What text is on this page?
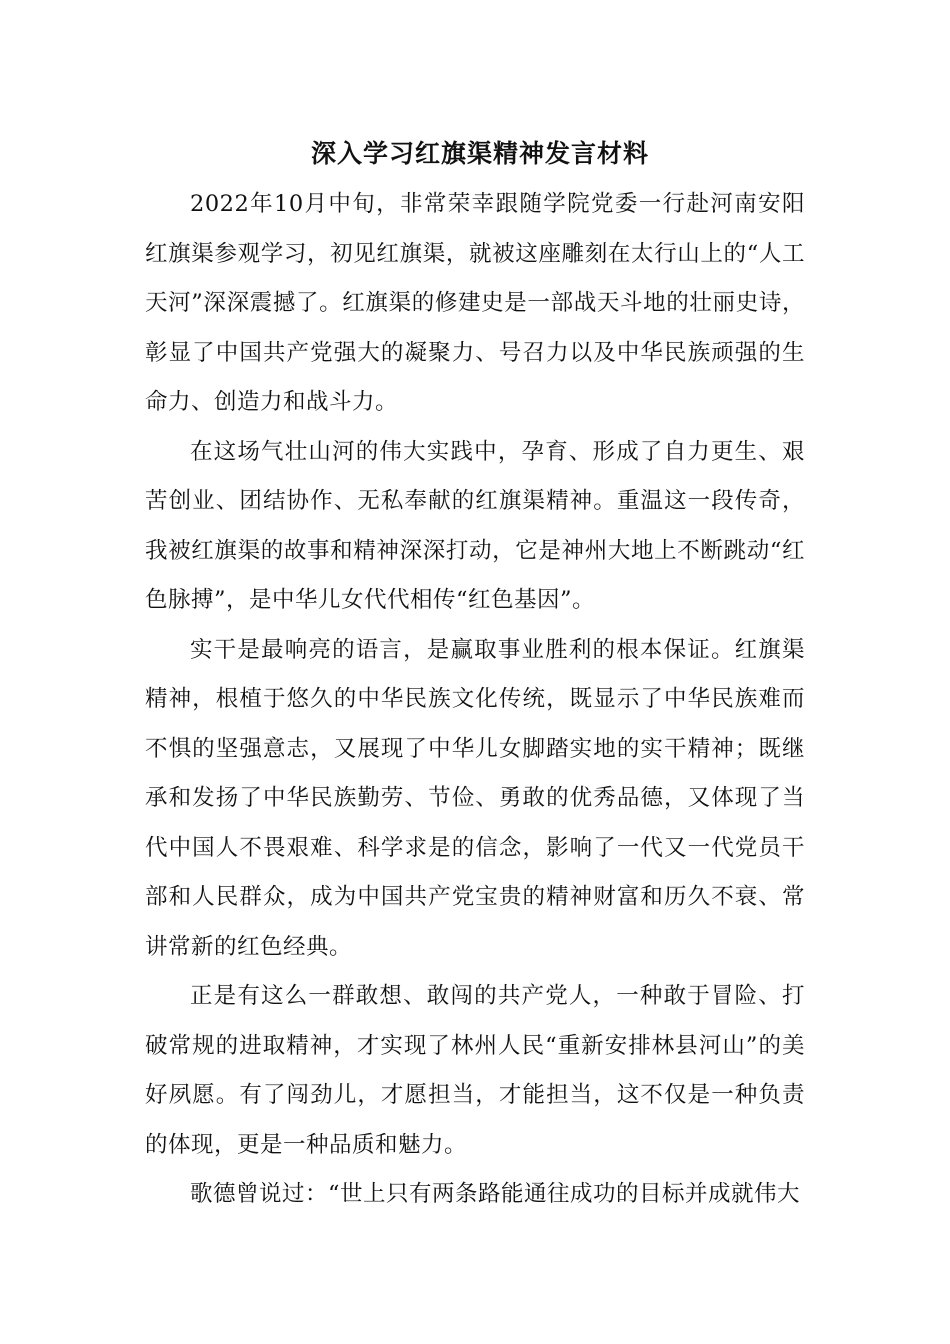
深入学习红旗渠精神发言材料

2022年10月中旬，非常荣幸跟随学院党委一行赴河南安阳红旗渠参观学习，初见红旗渠，就被这座雕刻在太行山上的“人工天河”深深震撼了。红旗渠的修建史是一部战天斗地的壮丽史诗，彰显了中国共产党强大的凝聚力、号召力以及中华民族顽强的生命力、创造力和战斗力。

在这场气壮山河的伟大实践中，孕育、形成了自力更生、艰苦创业、团结协作、无私奉献的红旗渠精神。重温这一段传奇，我被红旗渠的故事和精神深深打动，它是神州大地上不断跳动“红色脉搏”，是中华儿女代代相传“红色基因”。

实干是最响亮的语言，是赢取事业胜利的根本保证。红旗渠精神，根植于悠久的中华民族文化传统，既显示了中华民族难而不惧的坚强意志，又展现了中华儿女脚踏实地的实干精神；既继承和发扬了中华民族勤劳、节俭、勇敢的优秀品德，又体现了当代中国人不畏艰难、科学求是的信念，影响了一代又一代党员干部和人民群众，成为中国共产党宝贵的精神财富和历久不衰、常讲常新的红色经典。

正是有这么一群敢想、敢闯的共产党人，一种敢于冒险、打破常规的进取精神，才实现了林州人民“重新安排林县河山”的美好夙愿。有了闯劲儿，才愿担当，才能担当，这不仅是一种负责的体现，更是一种品质和魅力。

歌德曾说过：“世上只有两条路能通往成功的目标并成就伟大
